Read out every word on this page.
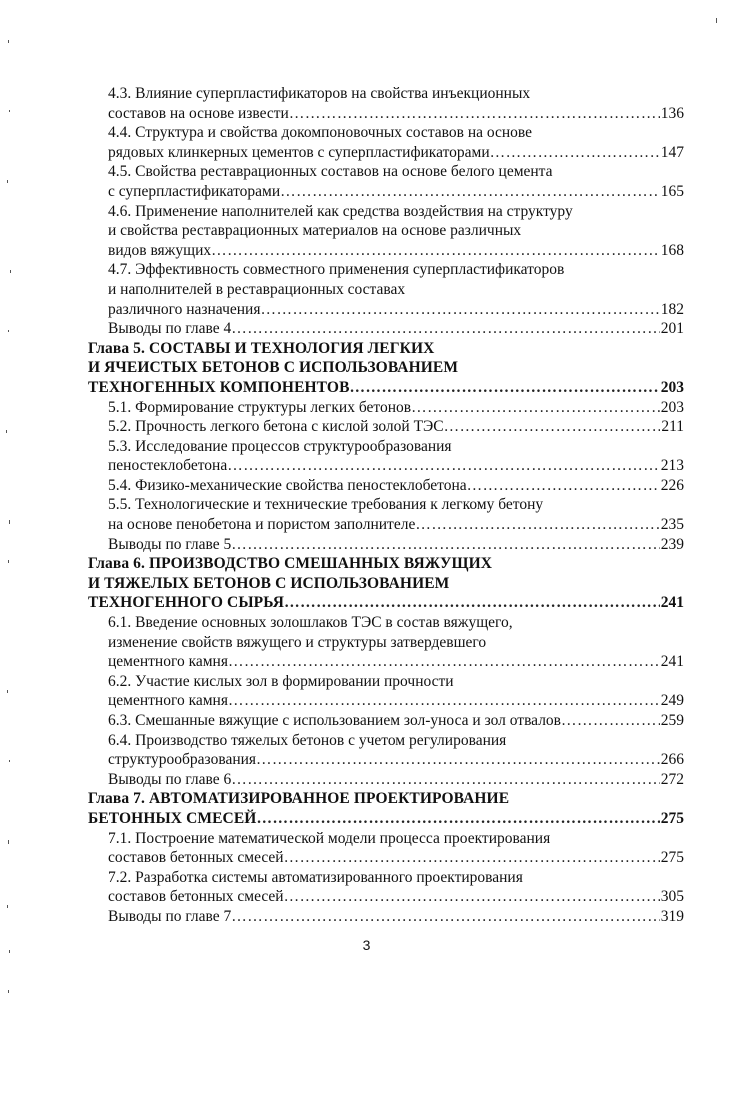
4.3. Влияние суперпластификаторов на свойства инъекционных
составов на основе извести ……………………………………………………………………………………………………………………………………………………………………………	136
4.4. Структура и свойства докомпоновочных составов на основе
рядовых клинкерных цементов с суперпластификаторами ……………………………………………………………………………………………………………………………………………………………………………	147
4.5. Свойства реставрационных составов на основе белого цемента
с суперпластификаторами ……………………………………………………………………………………………………………………………………………………………………………	165
4.6. Применение наполнителей как средства воздействия на структуру
и свойства реставрационных материалов на основе различных
видов вяжущих ……………………………………………………………………………………………………………………………………………………………………………	168
4.7. Эффективность совместного применения суперпластификаторов
и наполнителей в реставрационных составах
различного назначения ……………………………………………………………………………………………………………………………………………………………………………	182
Выводы по главе 4 ……………………………………………………………………………………………………………………………………………………………………………	201
Глава 5. СОСТАВЫ И ТЕХНОЛОГИЯ ЛЕГКИХ
И ЯЧЕИСТЫХ БЕТОНОВ С ИСПОЛЬЗОВАНИЕМ
ТЕХНОГЕННЫХ КОМПОНЕНТОВ ……………………………………………………………………………………………………………………………………………………………………………	203
5.1. Формирование структуры легких бетонов ……………………………………………………………………………………………………………………………………………………………………………	203
5.2. Прочность легкого бетона с кислой золой ТЭС ……………………………………………………………………………………………………………………………………………………………………………	211
5.3. Исследование процессов структурообразования
пеностеклобетона ……………………………………………………………………………………………………………………………………………………………………………	213
5.4. Физико-механические свойства пеностеклобетона ……………………………………………………………………………………………………………………………………………………………………………	226
5.5. Технологические и технические требования к легкому бетону
на основе пенобетона и пористом заполнителе ……………………………………………………………………………………………………………………………………………………………………………	235
Выводы по главе 5 ……………………………………………………………………………………………………………………………………………………………………………	239
Глава 6. ПРОИЗВОДСТВО СМЕШАННЫХ ВЯЖУЩИХ
И ТЯЖЕЛЫХ БЕТОНОВ С ИСПОЛЬЗОВАНИЕМ
ТЕХНОГЕННОГО СЫРЬЯ ……………………………………………………………………………………………………………………………………………………………………………	241
6.1. Введение основных золошлаков ТЭС в состав вяжущего,
изменение свойств вяжущего и структуры затвердевшего
цементного камня ……………………………………………………………………………………………………………………………………………………………………………	241
6.2. Участие кислых зол в формировании прочности
цементного камня ……………………………………………………………………………………………………………………………………………………………………………	249
6.3. Смешанные вяжущие с использованием зол-уноса и зол отвалов ……………………………………………………………………………………………………………………………………………………………………………	259
6.4. Производство тяжелых бетонов с учетом регулирования
структурообразования ……………………………………………………………………………………………………………………………………………………………………………	266
Выводы по главе 6 ……………………………………………………………………………………………………………………………………………………………………………	272
Глава 7. АВТОМАТИЗИРОВАННОЕ ПРОЕКТИРОВАНИЕ
БЕТОННЫХ СМЕСЕЙ ……………………………………………………………………………………………………………………………………………………………………………	275
7.1. Построение математической модели процесса проектирования
составов бетонных смесей ……………………………………………………………………………………………………………………………………………………………………………	275
7.2. Разработка системы автоматизированного проектирования
составов бетонных смесей ……………………………………………………………………………………………………………………………………………………………………………	305
Выводы по главе 7 ……………………………………………………………………………………………………………………………………………………………………………	319
3
